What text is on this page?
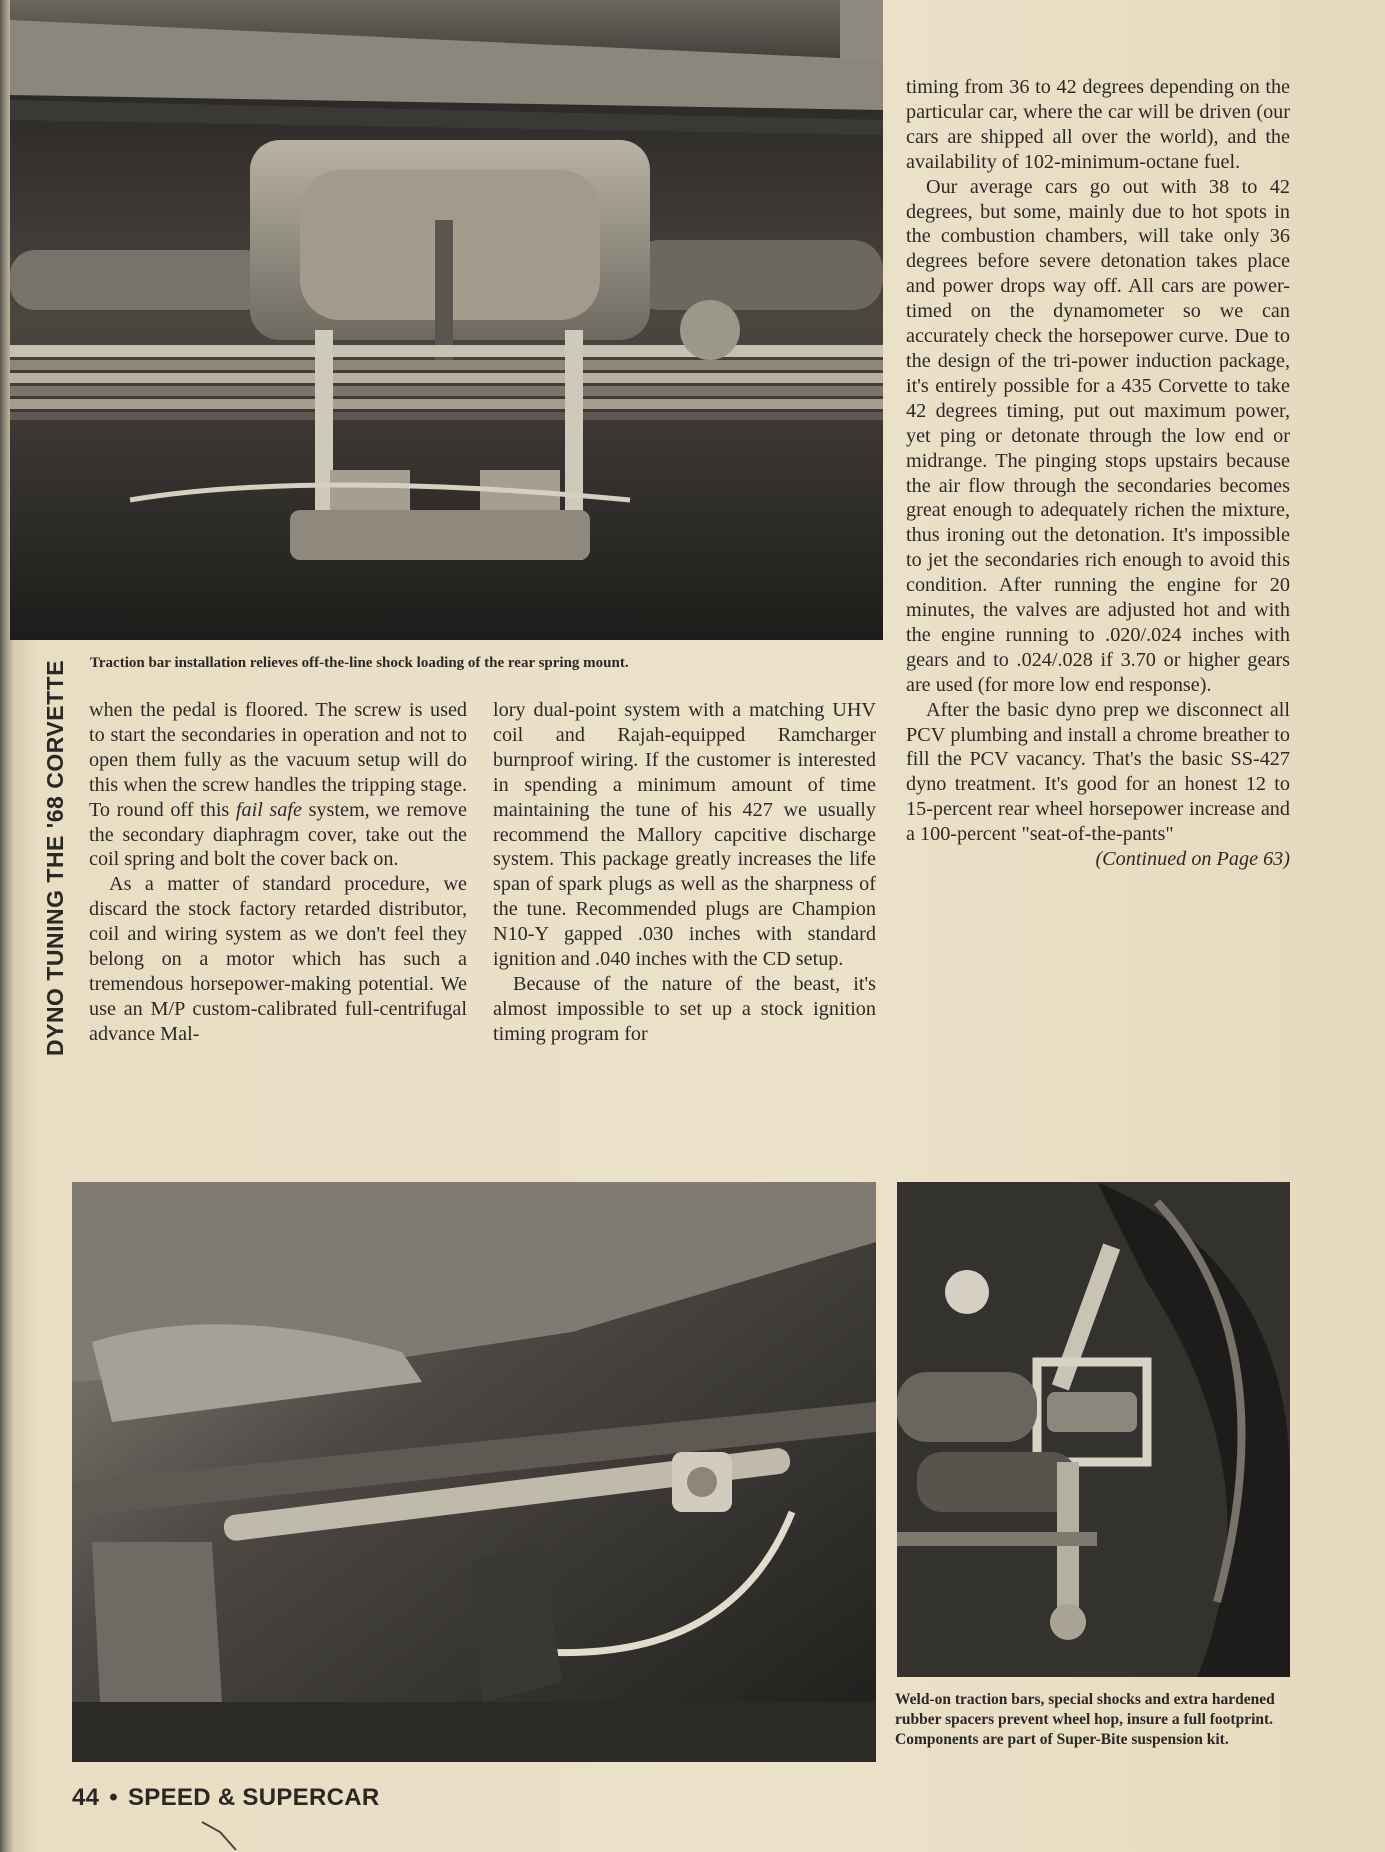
Traction bar installation relieves off-the-line shock loading of the rear spring mount.
DYNO TUNING THE '68 CORVETTE when the pedal is floored. The screw is used to start the secondaries in operation and not to open them fully as the vacuum setup will do this when the screw handles the tripping stage. To round off this fail safe system, we remove the secondary diaphragm cover, take out the coil spring and bolt the cover back on.

As a matter of standard procedure, we discard the stock factory retarded distributor, coil and wiring system as we don't feel they belong on a motor which has such a tremendous horsepower-making potential. We use an M/P custom-calibrated full-centrifugal advance Mal-

lory dual-point system with a matching UHV coil and Rajah-equipped Ramcharger burnproof wiring. If the customer is interested in spending a minimum amount of time maintaining the tune of his 427 we usually recommend the Mallory capcitive discharge system. This package greatly increases the life span of spark plugs as well as the sharpness of the tune. Recommended plugs are Champion N10-Y gapped .030 inches with standard ignition and .040 inches with the CD setup.

Because of the nature of the beast, it's almost impossible to set up a stock ignition timing program for

timing from 36 to 42 degrees depending on the particular car, where the car will be driven (our cars are shipped all over the world), and the availability of 102-minimum-octane fuel.

Our average cars go out with 38 to 42 degrees, but some, mainly due to hot spots in the combustion chambers, will take only 36 degrees before severe detonation takes place and power drops way off. All cars are power-timed on the dynamometer so we can accurately check the horsepower curve. Due to the design of the tri-power induction package, it's entirely possible for a 435 Corvette to take 42 degrees timing, put out maximum power, yet ping or detonate through the low end or midrange. The pinging stops upstairs because the air flow through the secondaries becomes great enough to adequately richen the mixture, thus ironing out the detonation. It's impossible to jet the secondaries rich enough to avoid this condition. After running the engine for 20 minutes, the valves are adjusted hot and with the engine running to .020/.024 inches with gears and to .024/.028 if 3.70 or higher gears are used (for more low end response).

After the basic dyno prep we disconnect all PCV plumbing and install a chrome breather to fill the PCV vacancy. That's the basic SS-427 dyno treatment. It's good for an honest 12 to 15-percent rear wheel horsepower increase and a 100-percent "seat-of-the-pants"

(Continued on Page 63)

Weld-on traction bars, special shocks and extra hardened rubber spacers prevent wheel hop, insure a full footprint. Components are part of Super-Bite suspension kit.
44 • SPEED & SUPERCAR
